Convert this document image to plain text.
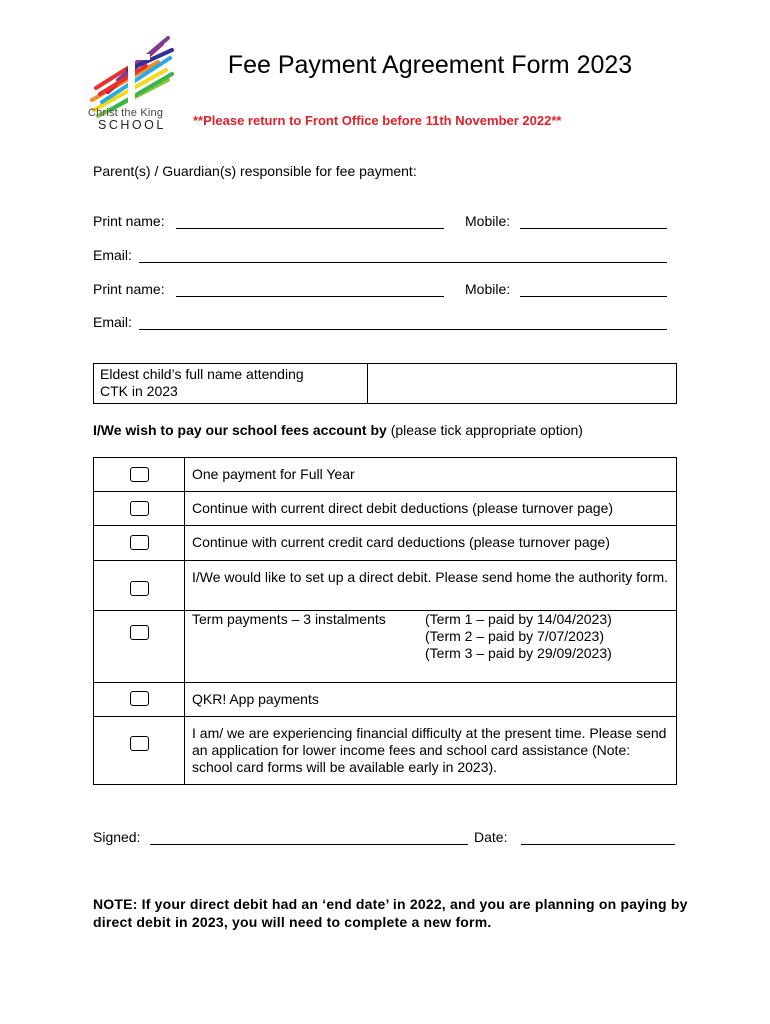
Christ the King
SCHOOL
Fee Payment Agreement Form 2023
**Please return to Front Office before 11th November 2022**
Parent(s) / Guardian(s) responsible for fee payment:
Print name:	Mobile:
Email:
Print name:	Mobile:
Email:
Eldest child’s full name attending
CTK in 2023

I/We wish to pay our school fees account by (please tick appropriate option)
	One payment for Full Year

	Continue with current direct debit deductions (please turnover page)

	Continue with current credit card deductions (please turnover page)

	I/We would like to set up a direct debit. Please send home the authority form.

	Term payments – 3 instalments (Term 1 – paid by 14/04/2023)
(Term 2 – paid by 7/07/2023)
(Term 3 – paid by 29/09/2023)

	QKR! App payments

	I am/ we are experiencing financial difficulty at the present time. Please send an application for lower income fees and school card assistance (Note: school card forms will be available early in 2023).
Signed:	Date:
NOTE: If your direct debit had an ‘end date’ in 2022, and you are planning on paying by direct debit in 2023, you will need to complete a new form.
